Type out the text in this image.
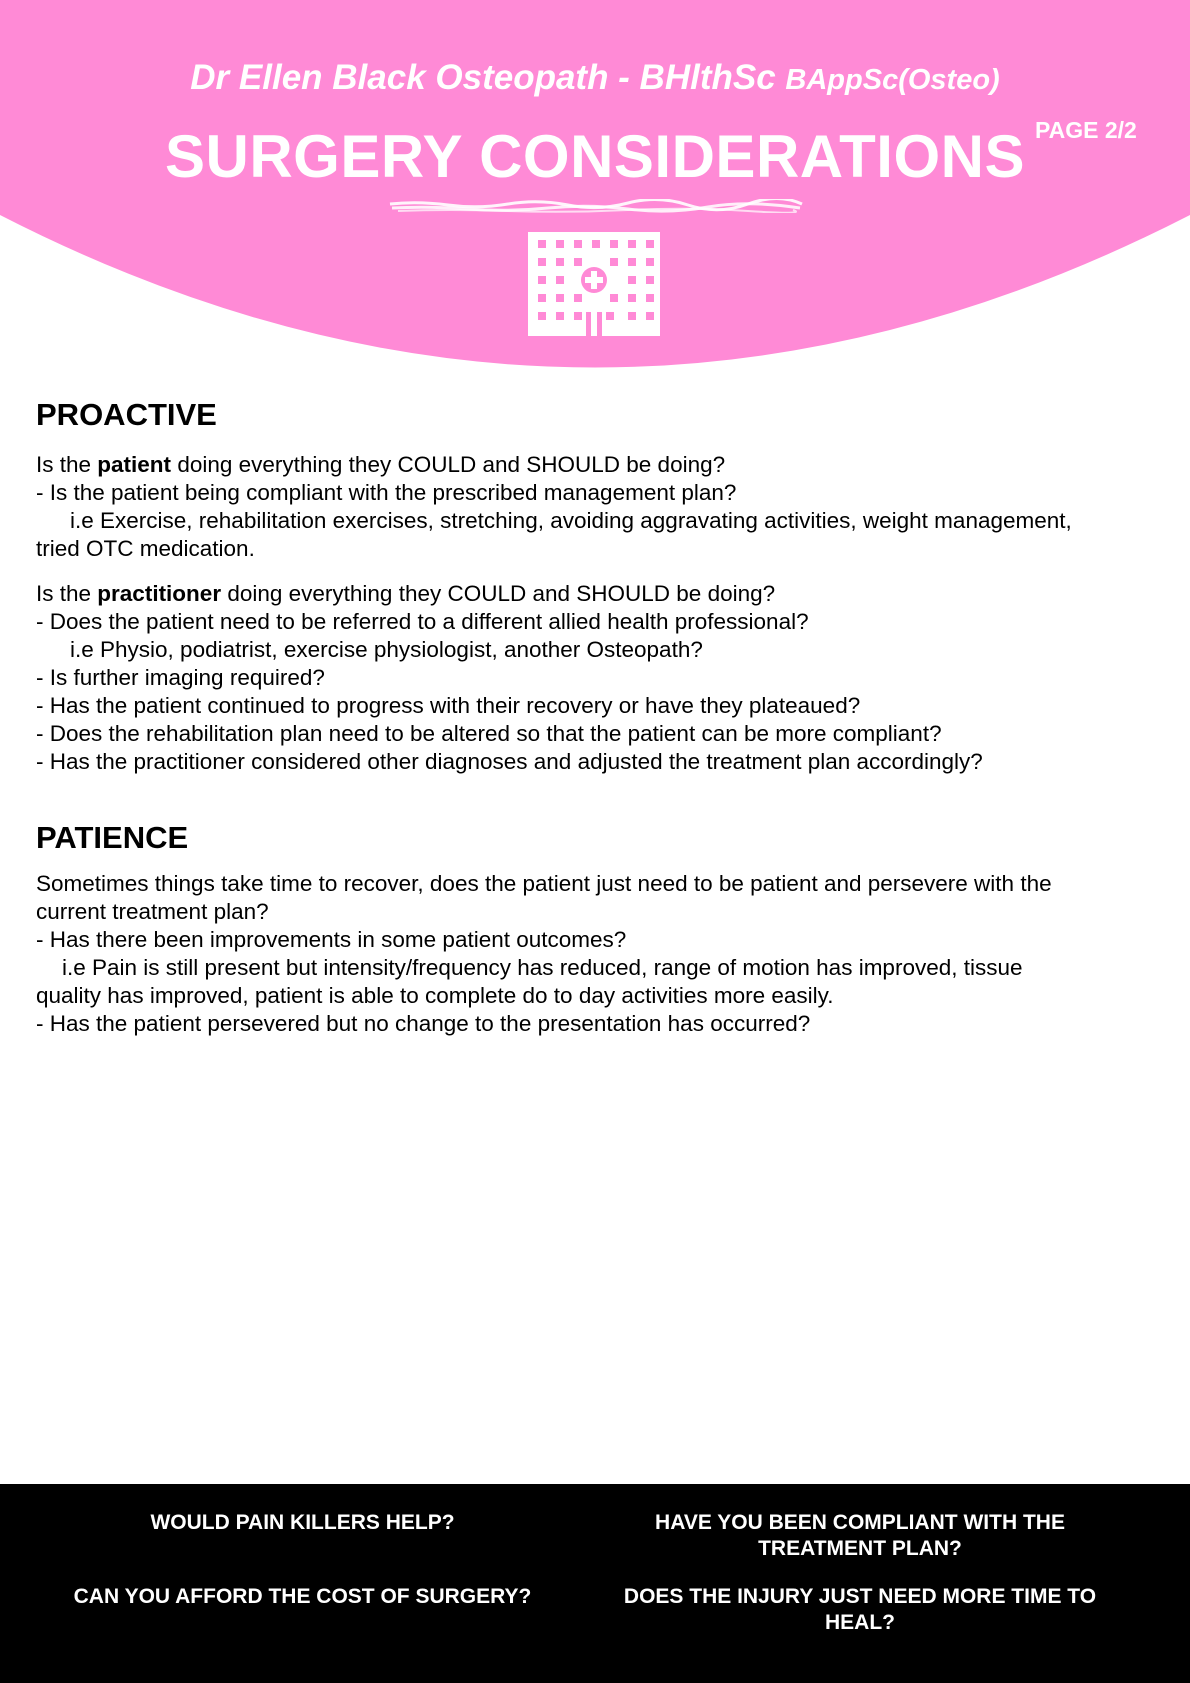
Dr Ellen Black Osteopath - BHlthSc BAppSc(Osteo)
SURGERY CONSIDERATIONS PAGE 2/2
PROACTIVE

Is the patient doing everything they COULD and SHOULD be doing?

- Is the patient being compliant with the prescribed management plan?

i.e Exercise, rehabilitation exercises, stretching, avoiding aggravating activities, weight management,

tried OTC medication.

Is the practitioner doing everything they COULD and SHOULD be doing?

- Does the patient need to be referred to a different allied health professional?

i.e Physio, podiatrist, exercise physiologist, another Osteopath?

- Is further imaging required?

- Has the patient continued to progress with their recovery or have they plateaued?

- Does the rehabilitation plan need to be altered so that the patient can be more compliant?

- Has the practitioner considered other diagnoses and adjusted the treatment plan accordingly?

PATIENCE

Sometimes things take time to recover, does the patient just need to be patient and persevere with the

current treatment plan?

- Has there been improvements in some patient outcomes?

i.e Pain is still present but intensity/frequency has reduced, range of motion has improved, tissue

quality has improved, patient is able to complete do to day activities more easily.

- Has the patient persevered but no change to the presentation has occurred?

WOULD PAIN KILLERS HELP?	HAVE YOU BEEN COMPLIANT WITH THE
TREATMENT PLAN?
CAN YOU AFFORD THE COST OF SURGERY?	DOES THE INJURY JUST NEED MORE TIME TO
HEAL?
